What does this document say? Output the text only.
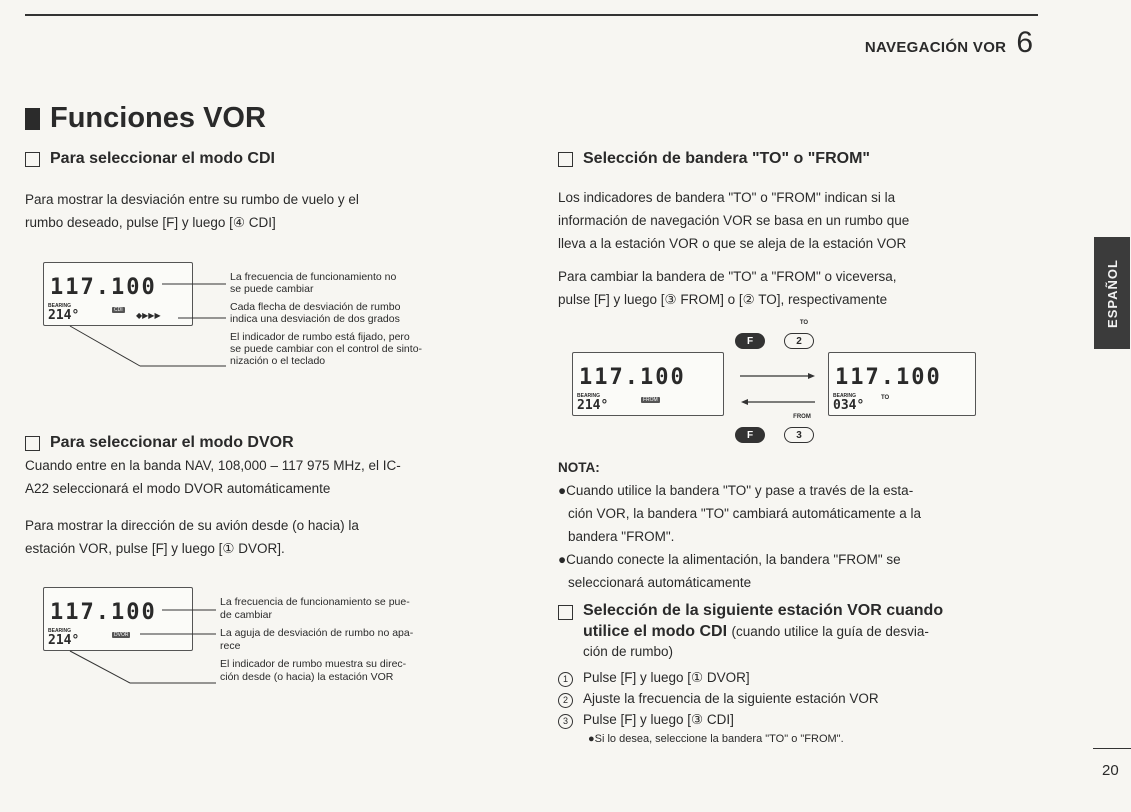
NAVEGACIÓN VOR 6
ESPAÑOL
Funciones VOR
Para seleccionar el modo CDI
Para mostrar la desviación entre su rumbo de vuelo y el
rumbo deseado, pulse [F] y luego [④ CDI]
117.100
BEARING
214°	CDI
◆▶▶▶
La frecuencia de funcionamiento no
se puede cambiar
Cada flecha de desviación de rumbo
indica una desviación de dos grados
El indicador de rumbo está fijado, pero
se puede cambiar con el control de sinto-
nización o el teclado
Para seleccionar el modo DVOR
Cuando entre en la banda NAV, 108,000 – 117 975 MHz, el IC-
A22 seleccionará el modo DVOR automáticamente
Para mostrar la dirección de su avión desde (o hacia) la
estación VOR, pulse [F] y luego [① DVOR].
117.100
BEARING
214°	DVOR
La frecuencia de funcionamiento se pue-
de cambiar
La aguja de desviación de rumbo no apa-
rece
El indicador de rumbo muestra su direc-
ción desde (o hacia) la estación VOR
Selección de bandera "TO" o "FROM"
Los indicadores de bandera "TO" o "FROM" indican si la
información de navegación VOR se basa en un rumbo que
lleva a la estación VOR o que se aleja de la estación VOR
Para cambiar la bandera de "TO" a "FROM" o viceversa,
pulse [F] y luego [③ FROM] o [② TO], respectivamente
117.100
BEARING
214°	FROM
117.100
BEARING
034°	TO
F
TO
2
F
FROM
3
NOTA:
●Cuando utilice la bandera "TO" y pase a través de la esta-
ción VOR, la bandera "TO" cambiará automáticamente a la
bandera "FROM".
●Cuando conecte la alimentación, la bandera "FROM" se
seleccionará automáticamente
Selección de la siguiente estación VOR cuando
utilice el modo CDI (cuando utilice la guía de desvia-
ción de rumbo)
1 Pulse [F] y luego [① DVOR]
2 Ajuste la frecuencia de la siguiente estación VOR
3 Pulse [F] y luego [③ CDI]
●Si lo desea, seleccione la bandera "TO" o "FROM".
20
